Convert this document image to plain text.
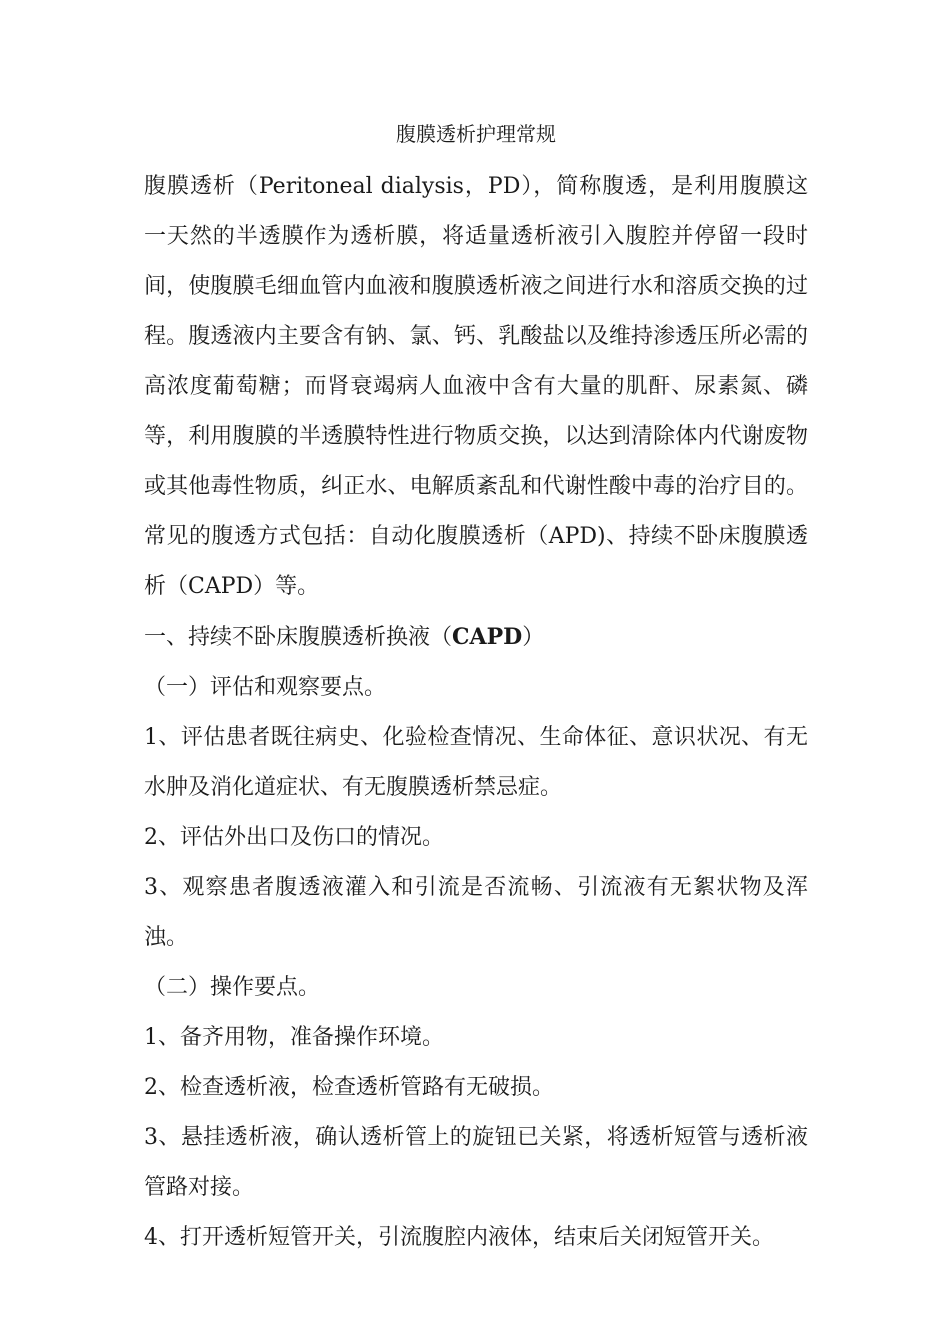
腹膜透析护理常规

腹膜透析（Peritoneal dialysis，PD），简称腹透，是利用腹膜这一天然的半透膜作为透析膜，将适量透析液引入腹腔并停留一段时间，使腹膜毛细血管内血液和腹膜透析液之间进行水和溶质交换的过程。腹透液内主要含有钠、氯、钙、乳酸盐以及维持渗透压所必需的高浓度葡萄糖；而肾衰竭病人血液中含有大量的肌酐、尿素氮、磷等，利用腹膜的半透膜特性进行物质交换，以达到清除体内代谢废物或其他毒性物质，纠正水、电解质紊乱和代谢性酸中毒的治疗目的。常见的腹透方式包括：自动化腹膜透析（APD)、持续不卧床腹膜透析（CAPD）等。

一、持续不卧床腹膜透析换液（CAPD）

（一）评估和观察要点。

1、评估患者既往病史、化验检查情况、生命体征、意识状况、有无水肿及消化道症状、有无腹膜透析禁忌症。

2、评估外出口及伤口的情况。

3、观察患者腹透液灌入和引流是否流畅、引流液有无絮状物及浑浊。

（二）操作要点。

1、备齐用物，准备操作环境。

2、检查透析液，检查透析管路有无破损。

3、悬挂透析液，确认透析管上的旋钮已关紧，将透析短管与透析液管路对接。

4、打开透析短管开关，引流腹腔内液体，结束后关闭短管开关。
